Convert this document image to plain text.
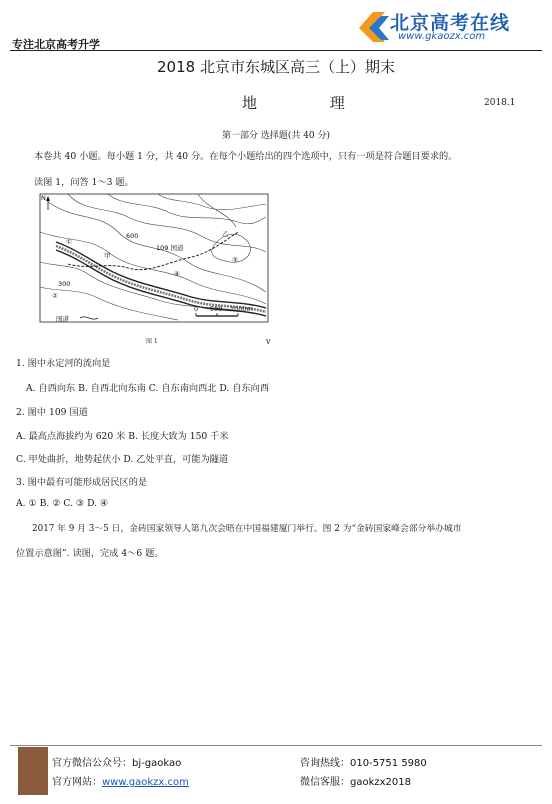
专注北京高考升学
北京高考在线
www.gkaozx.com
2018 北京市东城区高三（上）期末
地 理	2018.1
第一部分 选择题(共 40 分)
本卷共 40 小题。每小题 1 分，共 40 分。在每个小题给出的四个选项中，只有一项是符合题目要求的。
读图 1，问答 1～3 题。
N
109 国道
甲
乙
①
②
③
④
300
600
国道
0 500 1000m
图 1	v
1. 图中永定河的流向是
A. 自西向东 B. 自西北向东南 C. 自东南向西北 D. 自东向西
2. 图中 109 国道
A. 最高点海拔约为 620 米 B. 长度大致为 150 千米
C. 甲处曲折，地势起伏小 D. 乙处平直，可能为隧道
3. 图中最有可能形成居民区的是
A. ① B. ② C. ③ D. ④
2017 年 9 月 3～5 日，金砖国家领导人第九次会晤在中国福建厦门举行。图 2 为“金砖国家峰会部分举办城市
位置示意图”. 读图，完成 4～6 题。
官方微信公众号：bj-gaokao	咨询热线：010-5751 5980
官方网站：www.gaokzx.com	微信客服：gaokzx2018
